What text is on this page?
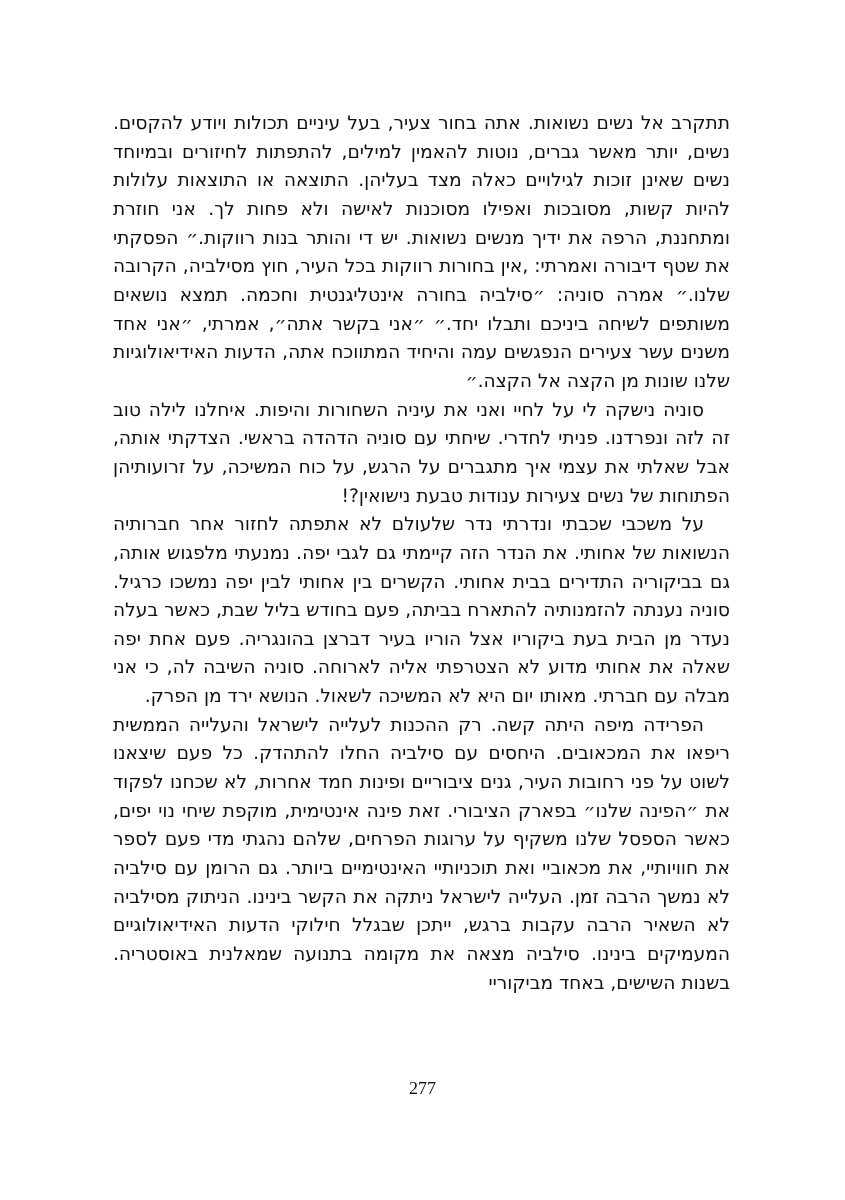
תתקרב אל נשים נשואות. אתה בחור צעיר, בעל עיניים תכולות ויודע להקסים. נשים, יותר מאשר גברים, נוטות להאמין למילים, להתפתות לחיזורים ובמיוחד נשים שאינן זוכות לגילויים כאלה מצד בעליהן. התוצאה או התוצאות עלולות להיות קשות, מסובכות ואפילו מסוכנות לאישה ולא פחות לך. אני חוזרת ומתחננת, הרפה את ידיך מנשים נשואות. יש די והותר בנות רווקות.״ הפסקתי את שטף דיבורה ואמרתי: ,אין בחורות רווקות בכל העיר, חוץ מסילביה, הקרובה שלנו.״ אמרה סוניה: ״סילביה בחורה אינטליגנטית וחכמה. תמצא נושאים משותפים לשיחה ביניכם ותבלו יחד.״ ״אני בקשר אתה״, אמרתי, ״אני אחד משנים עשר צעירים הנפגשים עמה והיחיד המתווכח אתה, הדעות האידיאולוגיות שלנו שונות מן הקצה אל הקצה.״

סוניה נישקה לי על לחיי ואני את עיניה השחורות והיפות. איחלנו לילה טוב זה לזה ונפרדנו. פניתי לחדרי. שיחתי עם סוניה הדהדה בראשי. הצדקתי אותה, אבל שאלתי את עצמי איך מתגברים על הרגש, על כוח המשיכה, על זרועותיהן הפתוחות של נשים צעירות ענודות טבעת נישואין?!

על משכבי שכבתי ונדרתי נדר שלעולם לא אתפתה לחזור אחר חברותיה הנשואות של אחותי. את הנדר הזה קיימתי גם לגבי יפה. נמנעתי מלפגוש אותה, גם בביקוריה התדירים בבית אחותי. הקשרים בין אחותי לבין יפה נמשכו כרגיל. סוניה נענתה להזמנותיה להתארח בביתה, פעם בחודש בליל שבת, כאשר בעלה נעדר מן הבית בעת ביקוריו אצל הוריו בעיר דברצן בהונגריה. פעם אחת יפה שאלה את אחותי מדוע לא הצטרפתי אליה לארוחה. סוניה השיבה לה, כי אני מבלה עם חברתי. מאותו יום היא לא המשיכה לשאול. הנושא ירד מן הפרק.

הפרידה מיפה היתה קשה. רק ההכנות לעלייה לישראל והעלייה הממשית ריפאו את המכאובים. היחסים עם סילביה החלו להתהדק. כל פעם שיצאנו לשוט על פני רחובות העיר, גנים ציבוריים ופינות חמד אחרות, לא שכחנו לפקוד את ״הפינה שלנו״ בפארק הציבורי. זאת פינה אינטימית, מוקפת שיחי נוי יפים, כאשר הספסל שלנו משקיף על ערוגות הפרחים, שלהם נהגתי מדי פעם לספר את חוויותיי, את מכאוביי ואת תוכניותיי האינטימיים ביותר. גם הרומן עם סילביה לא נמשך הרבה זמן. העלייה לישראל ניתקה את הקשר בינינו. הניתוק מסילביה לא השאיר הרבה עקבות ברגש, ייתכן שבגלל חילוקי הדעות האידיאולוגיים המעמיקים בינינו. סילביה מצאה את מקומה בתנועה שמאלנית באוסטריה. בשנות השישים, באחד מביקוריי

277
